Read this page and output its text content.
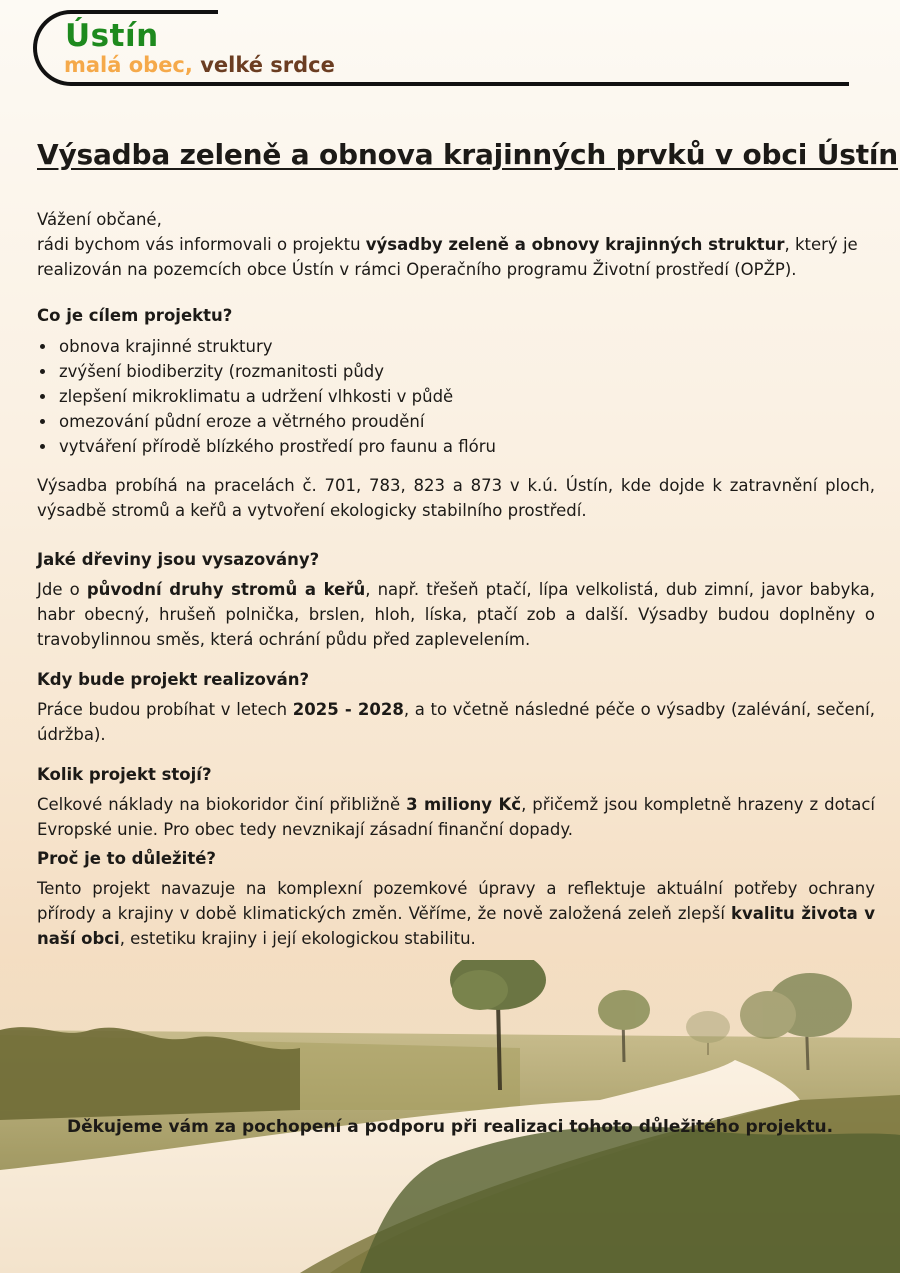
Ústín
malá obec, velké srdce
Výsadba zeleně a obnova krajinných prvků v obci Ústín

Vážení občané,

rádi bychom vás informovali o projektu výsadby zeleně a obnovy krajinných struktur, který je realizován na pozemcích obce Ústín v rámci Operačního programu Životní prostředí (OPŽP).

Co je cílem projektu?

• obnova krajinné struktury
• zvýšení biodiberzity (rozmanitosti půdy
• zlepšení mikroklimatu a udržení vlhkosti v půdě
• omezování půdní eroze a větrného proudění
• vytváření přírodě blízkého prostředí pro faunu a flóru

Výsadba probíhá na pracelách č. 701, 783, 823 a 873 v k.ú. Ústín, kde dojde k zatravnění ploch, výsadbě stromů a keřů a vytvoření ekologicky stabilního prostředí.

Jaké dřeviny jsou vysazovány?

Jde o původní druhy stromů a keřů, např. třešeň ptačí, lípa velkolistá, dub zimní, javor babyka, habr obecný, hrušeň polnička, brslen, hloh, líska, ptačí zob a další. Výsadby budou doplněny o travobylinnou směs, která ochrání půdu před zaplevelením.

Kdy bude projekt realizován?

Práce budou probíhat v letech 2025 - 2028, a to včetně následné péče o výsadby (zalévání, sečení, údržba).

Kolik projekt stojí?

Celkové náklady na biokoridor činí přibližně 3 miliony Kč, přičemž jsou kompletně hrazeny z dotací Evropské unie. Pro obec tedy nevznikají zásadní finanční dopady.

Proč je to důležité?

Tento projekt navazuje na komplexní pozemkové úpravy a reflektuje aktuální potřeby ochrany přírody a krajiny v době klimatických změn. Věříme, že nově založená zeleň zlepší kvalitu života v naší obci, estetiku krajiny i její ekologickou stabilitu.

Děkujeme vám za pochopení a podporu při realizaci tohoto důležitého projektu.
